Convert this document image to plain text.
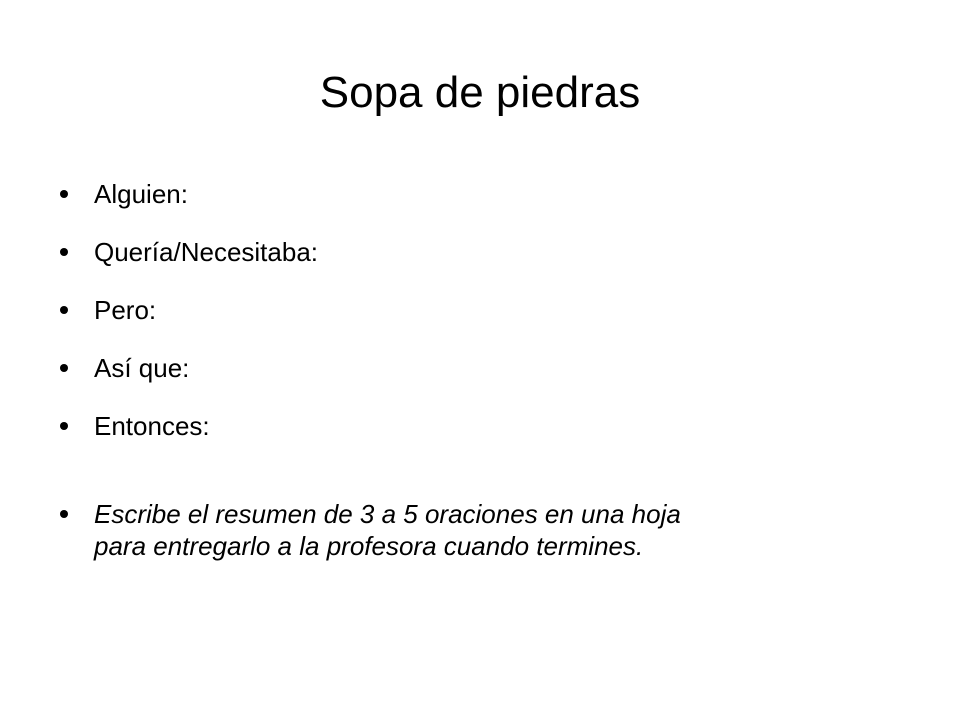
Sopa de piedras
Alguien:
Quería/Necesitaba:
Pero:
Así que:
Entonces:
Escribe el resumen de 3 a 5 oraciones en una hoja
para entregarlo a la profesora cuando termines.
